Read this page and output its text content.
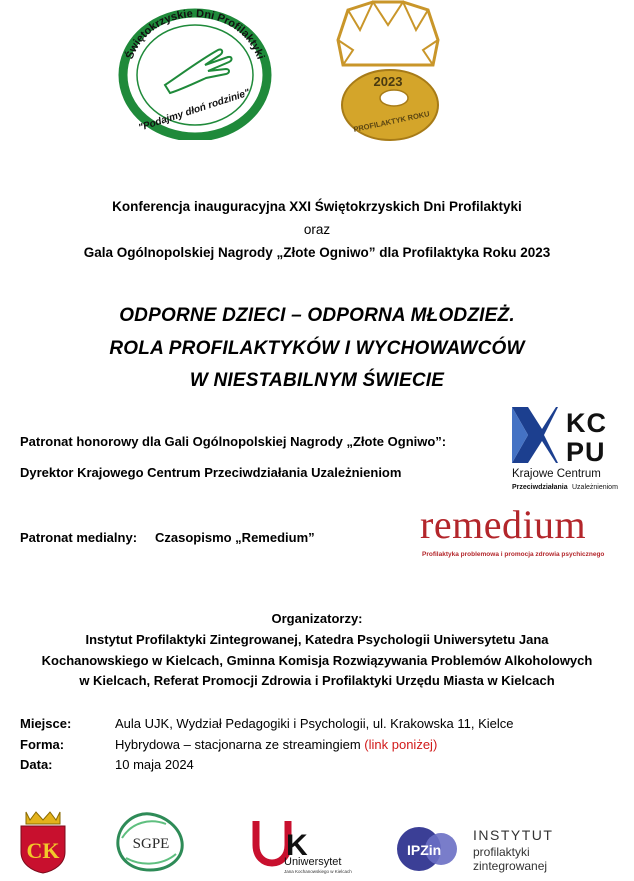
Świętokrzyskie Dni Profilaktyki
"Podajmy dłoń rodzinie"
2023
PROFILAKTYK ROKU
Konferencja inauguracyjna XXI Świętokrzyskich Dni Profilaktyki
oraz
Gala Ogólnopolskiej Nagrody „Złote Ogniwo” dla Profilaktyka Roku 2023
ODPORNE DZIECI – ODPORNA MŁODZIEŻ.
ROLA PROFILAKTYKÓW I WYCHOWAWCÓW
W NIESTABILNYM ŚWIECIE
Patronat honorowy dla Gali Ogólnopolskiej Nagrody „Złote Ogniwo”:
Dyrektor Krajowego Centrum Przeciwdziałania Uzależnieniom
KC
PU
Krajowe Centrum
Przeciwdziałania Uzależnieniom
Patronat medialny: Czasopismo „Remedium”	remedium
Profilaktyka problemowa i promocja zdrowia psychicznego
Organizatorzy:
Instytut Profilaktyki Zintegrowanej, Katedra Psychologii Uniwersytetu Jana
Kochanowskiego w Kielcach, Gminna Komisja Rozwiązywania Problemów Alkoholowych
w Kielcach, Referat Promocji Zdrowia i Profilaktyki Urzędu Miasta w Kielcach
Miejsce:	Aula UJK, Wydział Pedagogiki i Psychologii, ul. Krakowska 11, Kielce
Forma:	Hybrydowa – stacjonarna ze streamingiem (link poniżej)
Data:	10 maja 2024
CK	SGPE	K
Uniwersytet
Jana Kochanowskiego w Kielcach
IPZin
INSTYTUT
profilaktyki
zintegrowanej
